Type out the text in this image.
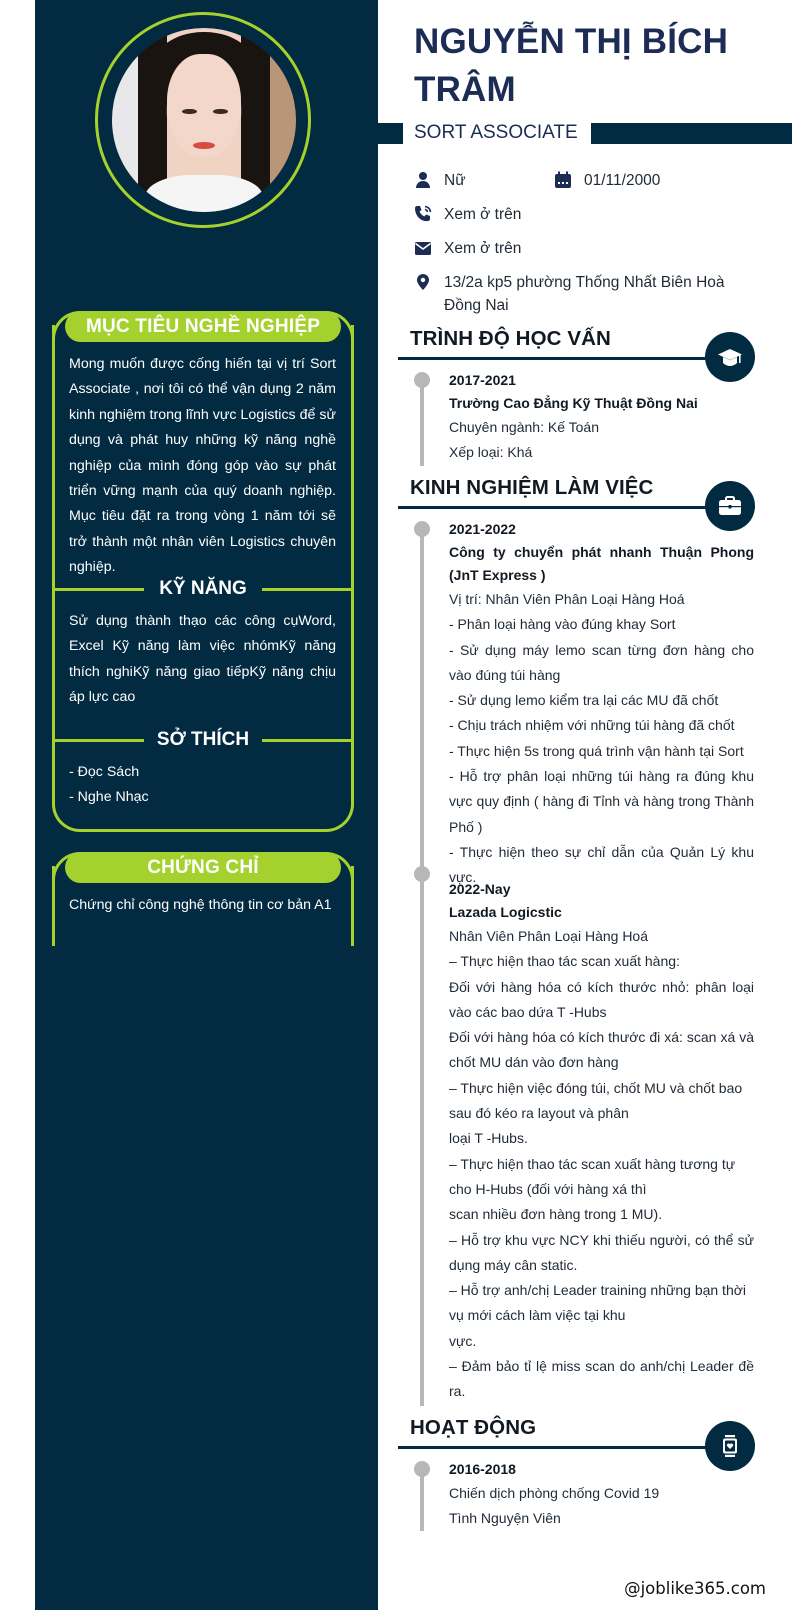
MỤC TIÊU NGHỀ NGHIỆP
Mong muốn được cống hiến tại vị trí Sort Associate , nơi tôi có thể vận dụng 2 năm kinh nghiệm trong lĩnh vực Logistics để sử dụng và phát huy những kỹ năng nghề nghiệp của mình đóng góp vào sự phát triển vững mạnh của quý doanh nghiệp. Mục tiêu đặt ra trong vòng 1 năm tới sẽ trở thành một nhân viên Logistics chuyên nghiệp.
KỸ NĂNG
Sử dụng thành thạo các công cụWord, Excel Kỹ năng làm việc nhómKỹ năng thích nghiKỹ năng giao tiếpKỹ năng chịu áp lực cao
SỞ THÍCH
- Đọc Sách
- Nghe Nhạc
CHỨNG CHỈ
Chứng chỉ công nghệ thông tin cơ bản A1
NGUYỄN THỊ BÍCH TRÂM
SORT ASSOCIATE
Nữ	01/11/2000
Xem ở trên
Xem ở trên
13/2a kp5 phường Thống Nhất Biên Hoà Đồng Nai
TRÌNH ĐỘ HỌC VẤN
2017-2021
Trường Cao Đẳng Kỹ Thuật Đồng Nai
Chuyên ngành: Kế Toán
Xếp loại: Khá
KINH NGHIỆM LÀM VIỆC
2021-2022
Công ty chuyển phát nhanh Thuận Phong (JnT Express )
Vị trí: Nhân Viên Phân Loại Hàng Hoá
- Phân loại hàng vào đúng khay Sort
- Sử dụng máy lemo scan từng đơn hàng cho vào đúng túi hàng
- Sử dụng lemo kiểm tra lại các MU đã chốt
- Chịu trách nhiệm với những túi hàng đã chốt
- Thực hiện 5s trong quá trình vận hành tại Sort
- Hỗ trợ phân loại những túi hàng ra đúng khu vực quy định ( hàng đi Tỉnh và hàng trong Thành Phố )
- Thực hiện theo sự chỉ dẫn của Quản Lý khu vực.
2022-Nay
Lazada Logicstic
Nhân Viên Phân Loại Hàng Hoá
– Thực hiện thao tác scan xuất hàng:
Đối với hàng hóa có kích thước nhỏ: phân loại vào các bao dứa T -Hubs
Đối với hàng hóa có kích thước đi xá: scan xá và chốt MU dán vào đơn hàng
– Thực hiện việc đóng túi, chốt MU và chốt bao sau đó kéo ra layout và phân
loại T -Hubs.
– Thực hiện thao tác scan xuất hàng tương tự cho H-Hubs (đối với hàng xá thì
scan nhiều đơn hàng trong 1 MU).
– Hỗ trợ khu vực NCY khi thiếu người, có thể sử dụng máy cân static.
– Hỗ trợ anh/chị Leader training những bạn thời vụ mới cách làm việc tại khu
vực.
– Đảm bảo tỉ lệ miss scan do anh/chị Leader đề ra.
HOẠT ĐỘNG
2016-2018
Chiến dịch phòng chống Covid 19
Tình Nguyện Viên
@joblike365.com
